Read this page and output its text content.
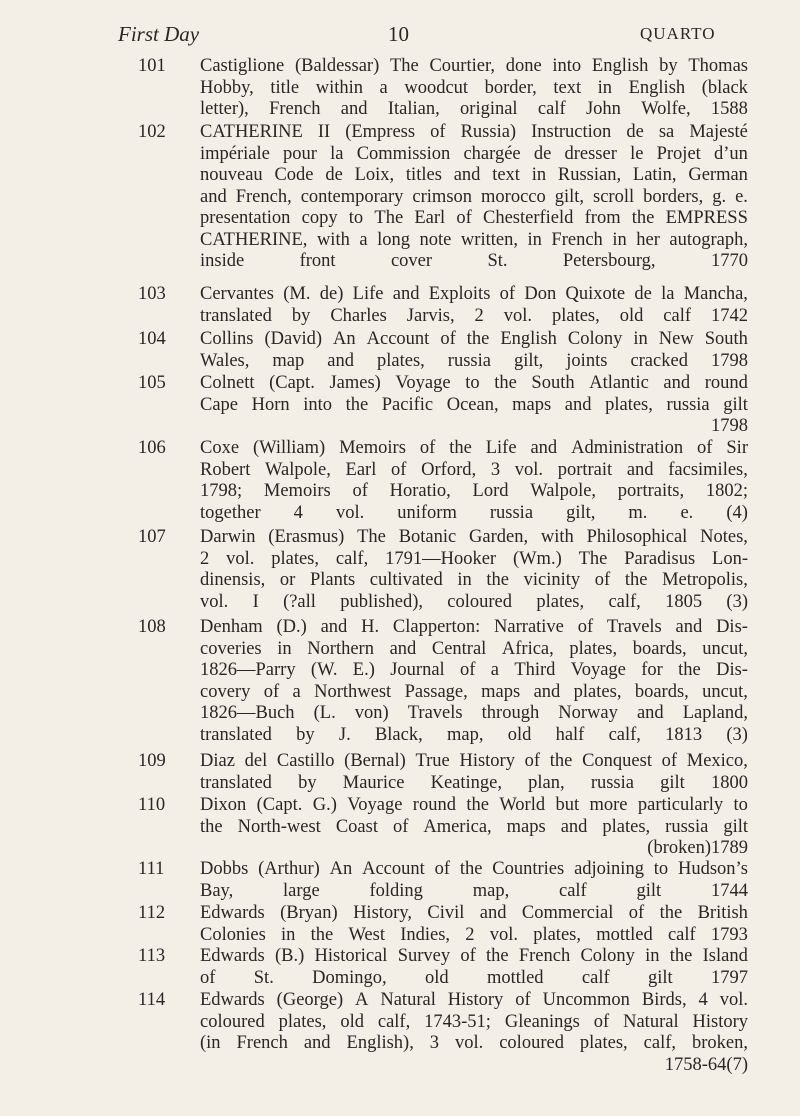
First Day	10	QUARTO
101	Castiglione (Baldessar) The Courtier, done into English by Thomas
Hobby, title within a woodcut border, text in English (black
letter), French and Italian, original calf John Wolfe, 1588
102	CATHERINE II (Empress of Russia) Instruction de sa Majesté
impériale pour la Commission chargée de dresser le Projet d’un
nouveau Code de Loix, titles and text in Russian, Latin, German
and French, contemporary crimson morocco gilt, scroll borders, g. e.
presentation copy to The Earl of Chesterfield from the EMPRESS
CATHERINE, with a long note written, in French in her autograph,
inside	front	cover	St.	Petersbourg,	1770
103	Cervantes (M. de) Life and Exploits of Don Quixote de la Mancha,
translated by Charles Jarvis, 2 vol. plates, old calf 1742
104	Collins (David) An Account of the English Colony in New South
Wales, map and plates, russia gilt, joints cracked 1798
105	Colnett (Capt. James) Voyage to the South Atlantic and round
Cape Horn into the Pacific Ocean, maps and plates, russia gilt
1798
106	Coxe (William) Memoirs of the Life and Administration of Sir
Robert Walpole, Earl of Orford, 3 vol. portrait and facsimiles,
1798; Memoirs of Horatio, Lord Walpole, portraits, 1802;
together 4 vol. uniform russia gilt, m. e. (4)
107	Darwin (Erasmus) The Botanic Garden, with Philosophical Notes,
2 vol. plates, calf, 1791—Hooker (Wm.) The Paradisus Lon-
dinensis, or Plants cultivated in the vicinity of the Metropolis,
vol. I (?all published), coloured plates, calf, 1805 (3)
108	Denham (D.) and H. Clapperton: Narrative of Travels and Dis-
coveries in Northern and Central Africa, plates, boards, uncut,
1826—Parry (W. E.) Journal of a Third Voyage for the Dis-
covery of a Northwest Passage, maps and plates, boards, uncut,
1826—Buch (L. von) Travels through Norway and Lapland,
translated by J. Black, map, old half calf, 1813 (3)
109	Diaz del Castillo (Bernal) True History of the Conquest of Mexico,
translated by Maurice Keatinge, plan, russia gilt 1800
110	Dixon (Capt. G.) Voyage round the World but more particularly to
the North-west Coast of America, maps and plates, russia gilt
(broken) 1789
111	Dobbs (Arthur) An Account of the Countries adjoining to Hudson’s
Bay,	large	folding	map,	calf	gilt	1744
112	Edwards (Bryan) History, Civil and Commercial of the British
Colonies in the West Indies, 2 vol. plates, mottled calf 1793
113	Edwards (B.) Historical Survey of the French Colony in the Island
of St. Domingo, old mottled calf gilt 1797
114	Edwards (George) A Natural History of Uncommon Birds, 4 vol.
coloured plates, old calf, 1743-51; Gleanings of Natural History
(in French and English), 3 vol. coloured plates, calf, broken,
1758-64 (7)
